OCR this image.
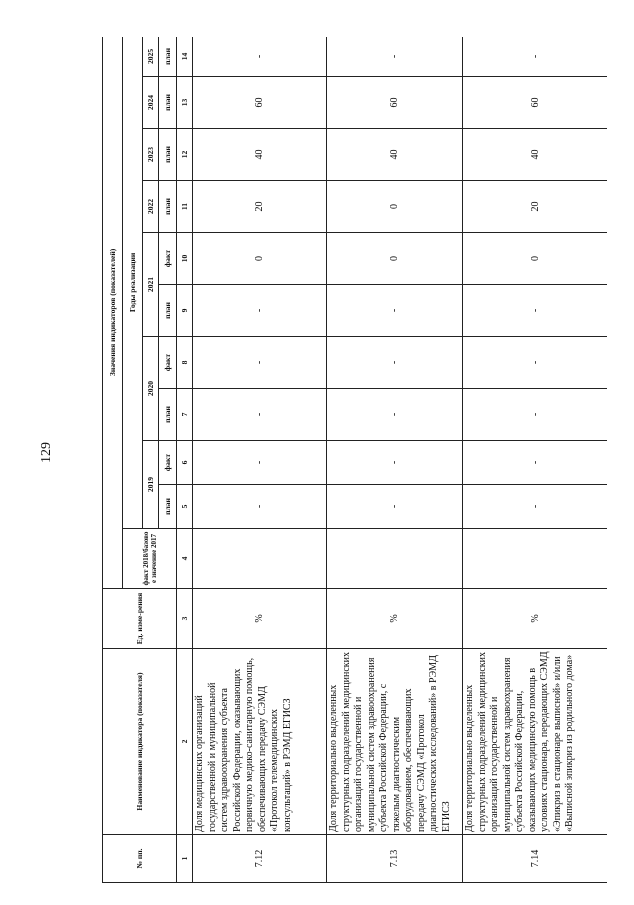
129
№ пп.	Наименование индикатора (показателя)	Ед. изме-рения	Значения индикаторов (показателей)										
			факт 2018/базово е значение 2017	Годы реализации									
				2019		2020		2021		2022	2023	2024	2025
				план	факт	план	факт	план	факт	план	план	план	план
1	2	3	4	5	6	7	8	9	10	11	12	13	14
7.12	Доля медицинских организаций государственной и муниципальной систем здравоохранения субъекта Российской Федерации, оказывающих первичную медико-санитарную помощь, обеспечивающих передачу СЭМД «Протокол телемедицинских консультаций» в РЭМД ЕГИСЗ	%		-	-	-	-	-	0	20	40	60	-
7.13	Доля территориально выделенных структурных подразделений медицинских организаций государственной и муниципальной систем здравоохранения субъекта Российской Федерации, с тяжелым диагностическим оборудованием, обеспечивающих передачу СЭМД «Протокол диагностических исследований» в РЭМД ЕГИСЗ	%		-	-	-	-	-	0	0	40	60	-
7.14	Доля территориально выделенных структурных подразделений медицинских организаций государственной и муниципальной систем здравоохранения субъекта Российской Федерации, оказывающих медицинскую помощь в условиях стационара, передающих СЭМД «Эпикриз в стационаре выписной» и/или «Выписной эпикриз из родильного дома»	%		-	-	-	-	-	0	20	40	60	-
